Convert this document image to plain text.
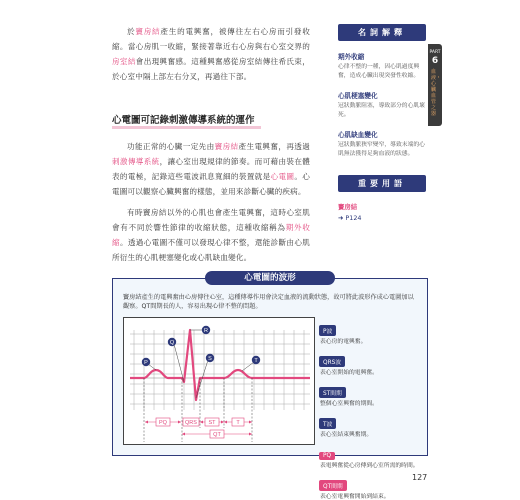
於竇房結產生的電興奮，被傳往左右心房而引發收縮。當心房肌一收縮，緊接著靠近右心房與右心室交界的房室結會出現興奮感。這種興奮感從房室結傳往希氏束，於心室中隔上部左右分叉，再過往下部。

心電圖可記錄刺激傳導系統的運作

功能正常的心臟一定先由竇房結產生電興奮，再透過刺激傳導系統，讓心室出現規律的節奏。而可藉由裝在體表的電極，記錄這些電波訊息寬細的裝置就是心電圖。心電圖可以觀察心臟興奮的樣態，並用來診斷心臟的疾病。

有時竇房結以外的心肌也會產生電興奮，這時心室肌會有不同於響性節律的收縮狀態，這種收縮稱為期外收縮。透過心電圖不僅可以發現心律不整，還能診斷由心肌所衍生的心肌梗塞變化或心肌缺血變化。

名詞解釋
期外收縮
心律不整的一種，因心肌過度興奮，造成心臟出現突發性收縮。
心肌梗塞變化
冠狀動脈阻塞，導致部分的心肌壞死。
心肌缺血變化
冠狀動脈狹窄變窄，導致末端的心肌無法獲得足夠血液的狀態。
重要用語
竇房結
➜ P124
PART
6
血液・心臓血管之器
竇房結產生的電興奮由心房傳往心室，這種傳導作用會決定血液的流動狀態，故可將此波形作成心電圖加以觀察。QT間期長的人，容易出現心律不整的問題。
P
Q
R
S	T
PQ	QRS ST	T
QT
P波
表心房的電興奮。
QRS波
表心室開始的電興奮。
ST間期
整個心室興奮的期間。
T波
表心室結束興奮期。
PQ
表電興奮從心房傳到心室所需的時間。
QT間期
表心室電興奮開始到結束。
心電圖的波形
127
